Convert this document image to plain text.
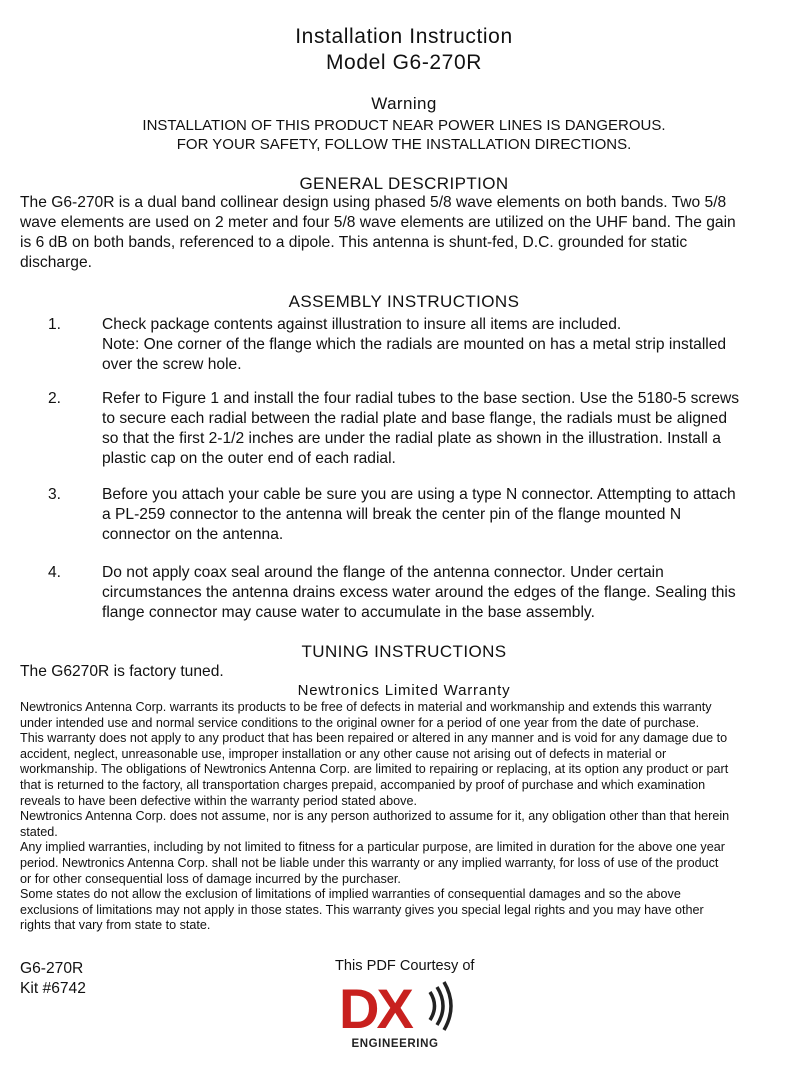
Installation Instruction
Model G6-270R
Warning
INSTALLATION OF THIS PRODUCT NEAR POWER LINES IS DANGEROUS.
FOR YOUR SAFETY, FOLLOW THE INSTALLATION DIRECTIONS.
GENERAL DESCRIPTION
The G6-270R is a dual band collinear design using phased 5/8 wave elements on both bands. Two 5/8
wave elements are used on 2 meter and four 5/8 wave elements are utilized on the UHF band. The gain
is 6 dB on both bands, referenced to a dipole. This antenna is shunt-fed, D.C. grounded for static
discharge.
ASSEMBLY INSTRUCTIONS
1.	Check package contents against illustration to insure all items are included.
Note: One corner of the flange which the radials are mounted on has a metal strip installed
over the screw hole.
2.	Refer to Figure 1 and install the four radial tubes to the base section. Use the 5180-5 screws
to secure each radial between the radial plate and base flange, the radials must be aligned
so that the first 2-1/2 inches are under the radial plate as shown in the illustration. Install a
plastic cap on the outer end of each radial.
3.	Before you attach your cable be sure you are using a type N connector. Attempting to attach
a PL-259 connector to the antenna will break the center pin of the flange mounted N
connector on the antenna.
4.	Do not apply coax seal around the flange of the antenna connector. Under certain
circumstances the antenna drains excess water around the edges of the flange. Sealing this
flange connector may cause water to accumulate in the base assembly.
TUNING INSTRUCTIONS
The G6270R is factory tuned.
Newtronics Limited Warranty
Newtronics Antenna Corp. warrants its products to be free of defects in material and workmanship and extends this warranty
under intended use and normal service conditions to the original owner for a period of one year from the date of purchase.
This warranty does not apply to any product that has been repaired or altered in any manner and is void for any damage due to
accident, neglect, unreasonable use, improper installation or any other cause not arising out of defects in material or
workmanship. The obligations of Newtronics Antenna Corp. are limited to repairing or replacing, at its option any product or part
that is returned to the factory, all transportation charges prepaid, accompanied by proof of purchase and which examination
reveals to have been defective within the warranty period stated above.
Newtronics Antenna Corp. does not assume, nor is any person authorized to assume for it, any obligation other than that herein
stated.
Any implied warranties, including by not limited to fitness for a particular purpose, are limited in duration for the above one year
period. Newtronics Antenna Corp. shall not be liable under this warranty or any implied warranty, for loss of use of the product
or for other consequential loss of damage incurred by the purchaser.
Some states do not allow the exclusion of limitations of implied warranties of consequential damages and so the above
exclusions of limitations may not apply in those states. This warranty gives you special legal rights and you may have other
rights that vary from state to state.
G6-270R
Kit #6742
This PDF Courtesy of
DX
ENGINEERING
